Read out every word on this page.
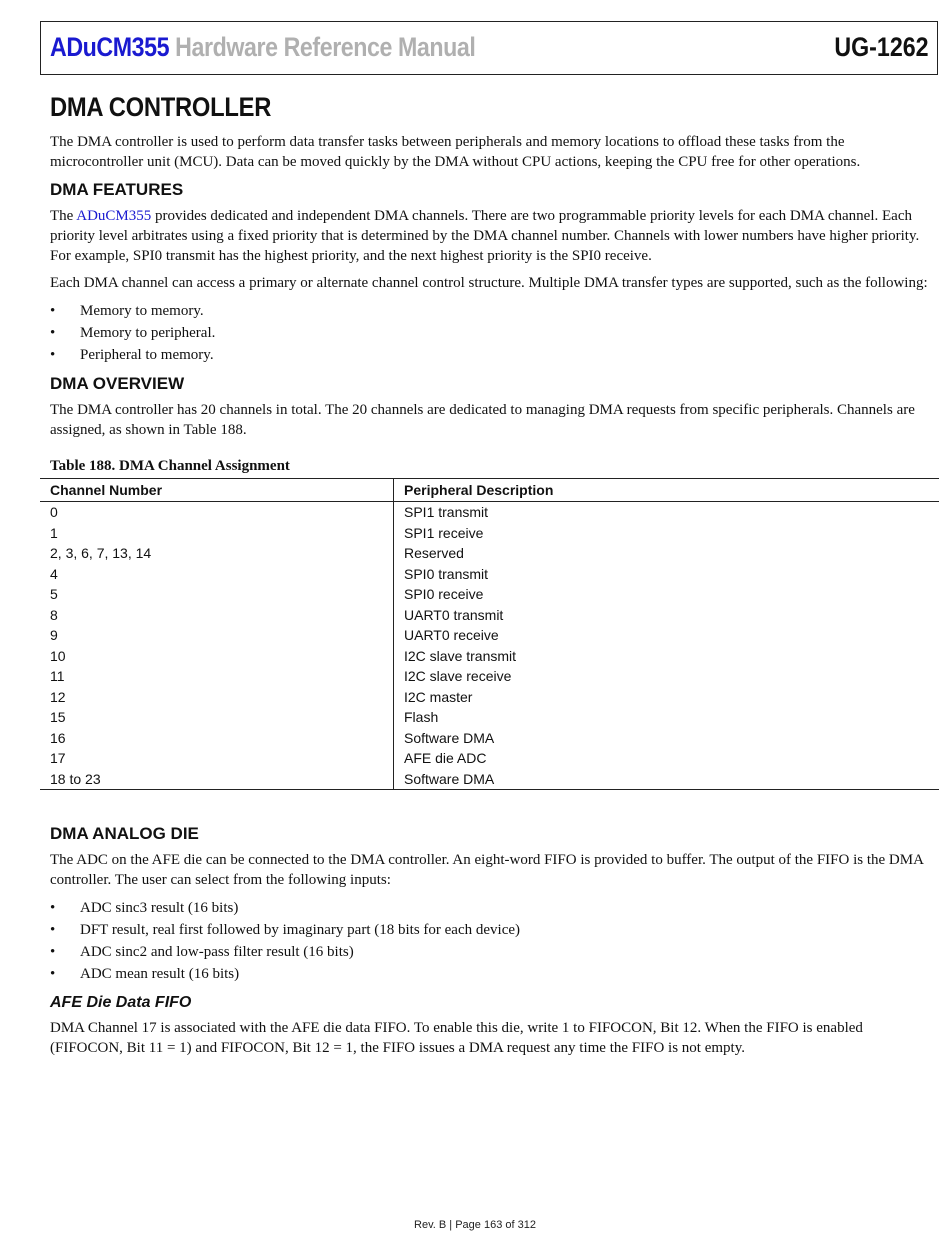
ADuCM355 Hardware Reference Manual	UG-1262
DMA CONTROLLER

The DMA controller is used to perform data transfer tasks between peripherals and memory locations to offload these tasks from the microcontroller unit (MCU). Data can be moved quickly by the DMA without CPU actions, keeping the CPU free for other operations.

DMA FEATURES

The ADuCM355 provides dedicated and independent DMA channels. There are two programmable priority levels for each DMA channel. Each priority level arbitrates using a fixed priority that is determined by the DMA channel number. Channels with lower numbers have higher priority. For example, SPI0 transmit has the highest priority, and the next highest priority is the SPI0 receive.

Each DMA channel can access a primary or alternate channel control structure. Multiple DMA transfer types are supported, such as the following:

• Memory to memory.
• Memory to peripheral.
• Peripheral to memory.
DMA OVERVIEW

The DMA controller has 20 channels in total. The 20 channels are dedicated to managing DMA requests from specific peripherals. Channels are assigned, as shown in Table 188.

Table 188. DMA Channel Assignment
Channel Number	Peripheral Description
0	SPI1 transmit
1	SPI1 receive
2, 3, 6, 7, 13, 14	Reserved
4	SPI0 transmit
5	SPI0 receive
8	UART0 transmit
9	UART0 receive
10	I2C slave transmit
11	I2C slave receive
12	I2C master
15	Flash
16	Software DMA
17	AFE die ADC
18 to 23	Software DMA
DMA ANALOG DIE

The ADC on the AFE die can be connected to the DMA controller. An eight-word FIFO is provided to buffer. The output of the FIFO is the DMA controller. The user can select from the following inputs:

• ADC sinc3 result (16 bits)
• DFT result, real first followed by imaginary part (18 bits for each device)
• ADC sinc2 and low-pass filter result (16 bits)
• ADC mean result (16 bits)
AFE Die Data FIFO

DMA Channel 17 is associated with the AFE die data FIFO. To enable this die, write 1 to FIFOCON, Bit 12. When the FIFO is enabled (FIFOCON, Bit 11 = 1) and FIFOCON, Bit 12 = 1, the FIFO issues a DMA request any time the FIFO is not empty.

Rev. B | Page 163 of 312
